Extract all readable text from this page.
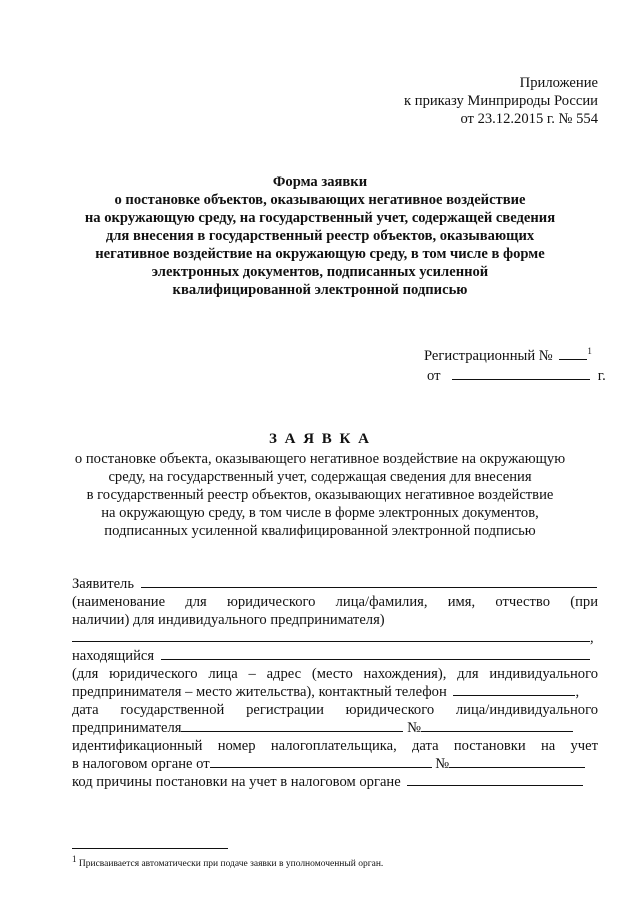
Приложение
к приказу Минприроды России
от 23.12.2015 г. № 554
Форма заявки
о постановке объектов, оказывающих негативное воздействие
на окружающую среду, на государственный учет, содержащей сведения
для внесения в государственный реестр объектов, оказывающих
негативное воздействие на окружающую среду, в том числе в форме
электронных документов, подписанных усиленной
квалифицированной электронной подписью
Регистрационный №	$^1$
от	г.
З А Я В К А
о постановке объекта, оказывающего негативное воздействие на окружающую
среду, на государственный учет, содержащая сведения для внесения
в государственный реестр объектов, оказывающих негативное воздействие
на окружающую среду, в том числе в форме электронных документов,
подписанных усиленной квалифицированной электронной подписью
Заявитель
(наименование для юридического лица/фамилия, имя, отчество (при
наличии) для индивидуального предпринимателя)
,
находящийся
(для юридического лица – адрес (место нахождения), для индивидуального
предпринимателя – место жительства), контактный телефон	,
дата государственной регистрации юридического лица/индивидуального
предпринимателя	№
идентификационный номер налогоплательщика, дата постановки на учет
в налоговом органе от	№
код причины постановки на учет в налоговом органе
$^1$ Присваивается автоматически при подаче заявки в уполномоченный орган.
